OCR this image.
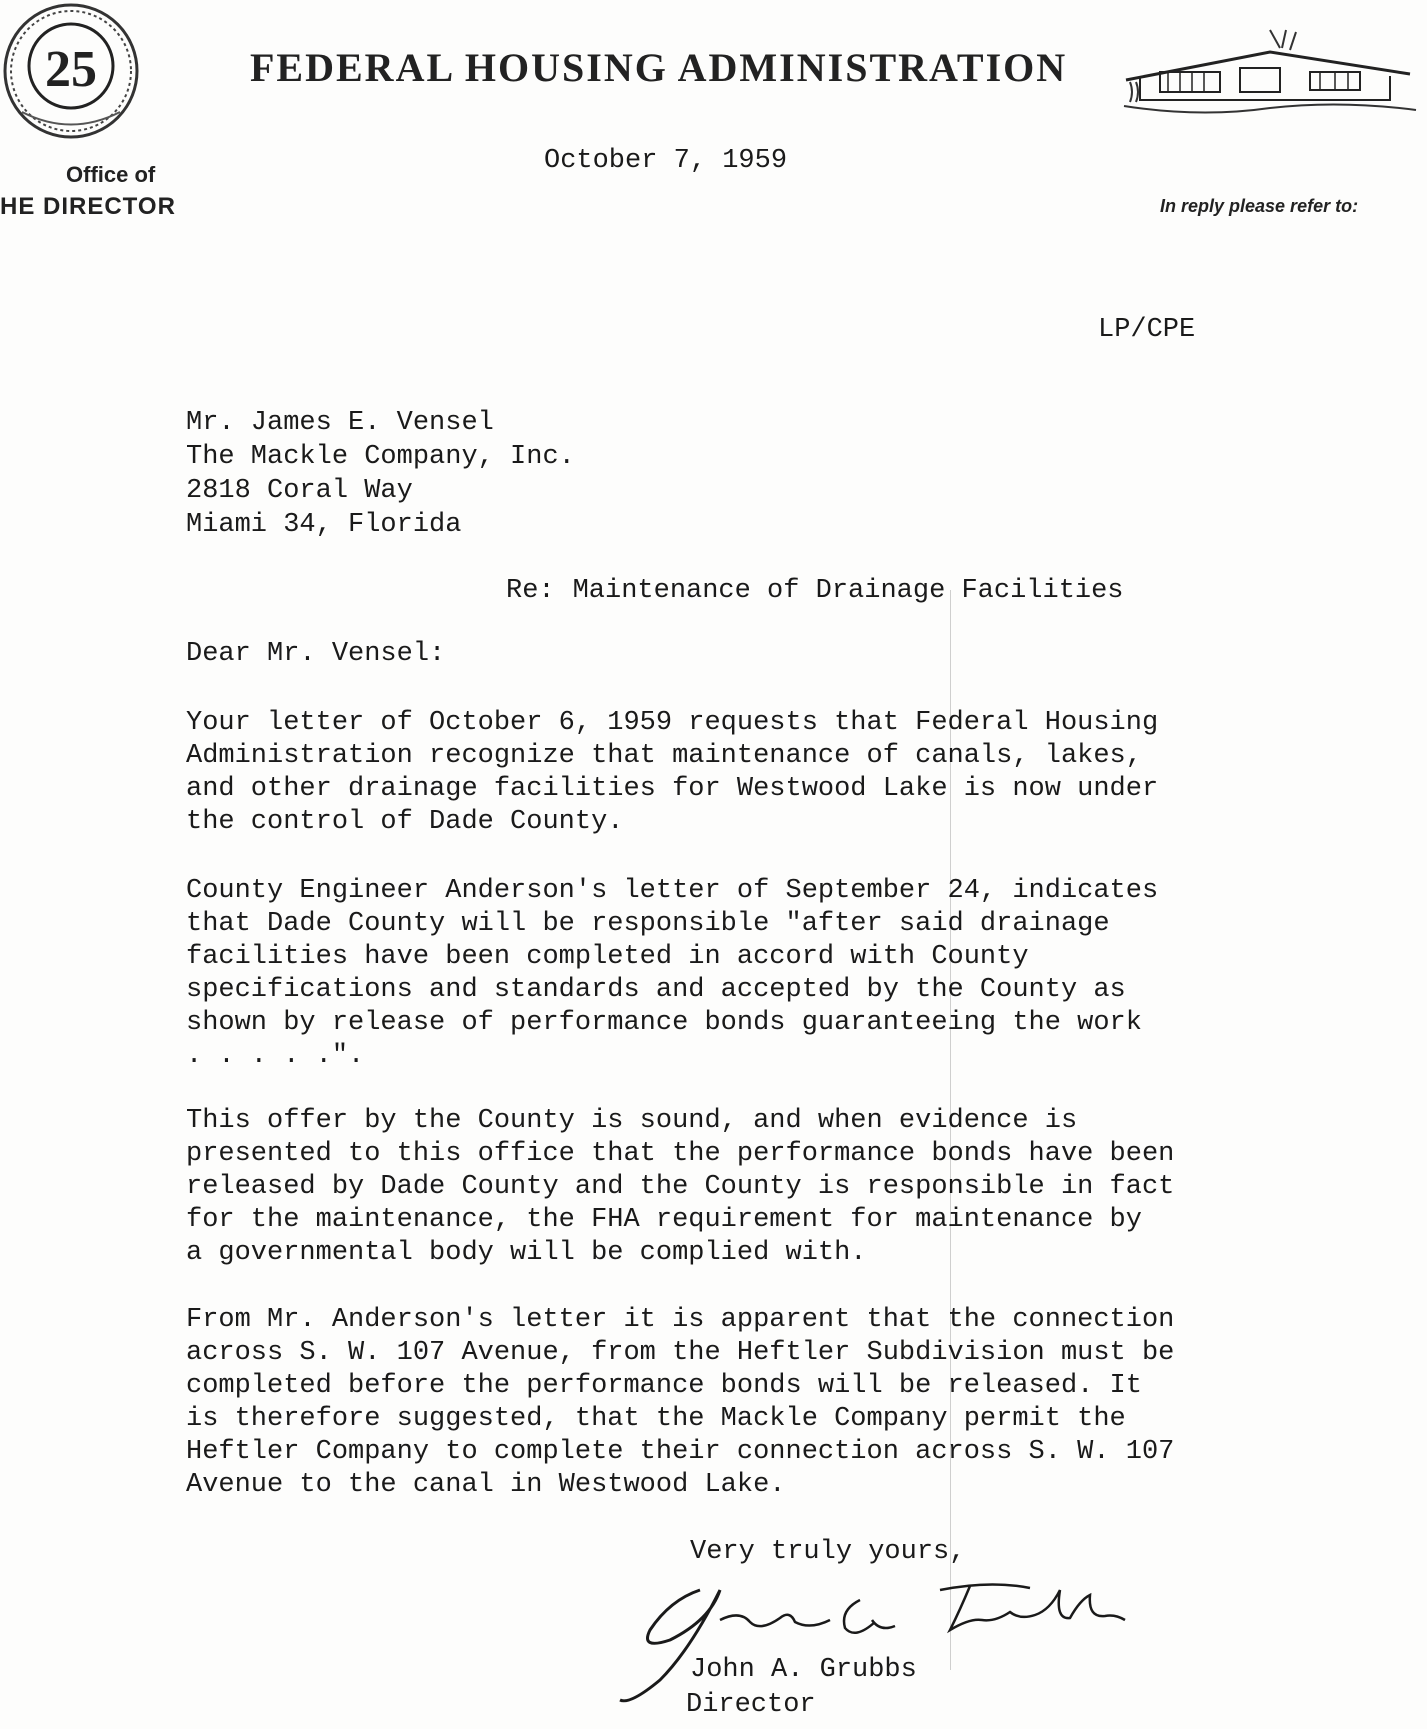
25	FEDERAL HOUSING ADMINISTRATION
Office of
HE DIRECTOR	In reply please refer to:
October 7, 1959
LP/CPE
Mr. James E. Vensel
The Mackle Company, Inc.
2818 Coral Way
Miami 34, Florida
Re: Maintenance of Drainage Facilities
Dear Mr. Vensel:
Your letter of October 6, 1959 requests that Federal Housing
Administration recognize that maintenance of canals, lakes,
and other drainage facilities for Westwood Lake is now under
the control of Dade County.
County Engineer Anderson's letter of September 24, indicates
that Dade County will be responsible "after said drainage
facilities have been completed in accord with County
specifications and standards and accepted by the County as
shown by release of performance bonds guaranteeing the work
. . . . .".
This offer by the County is sound, and when evidence is
presented to this office that the performance bonds have been
released by Dade County and the County is responsible in fact
for the maintenance, the FHA requirement for maintenance by
a governmental body will be complied with.
From Mr. Anderson's letter it is apparent that the connection
across S. W. 107 Avenue, from the Heftler Subdivision must be
completed before the performance bonds will be released. It
is therefore suggested, that the Mackle Company permit the
Heftler Company to complete their connection across S. W. 107
Avenue to the canal in Westwood Lake.
Very truly yours,
John A. Grubbs
Director
